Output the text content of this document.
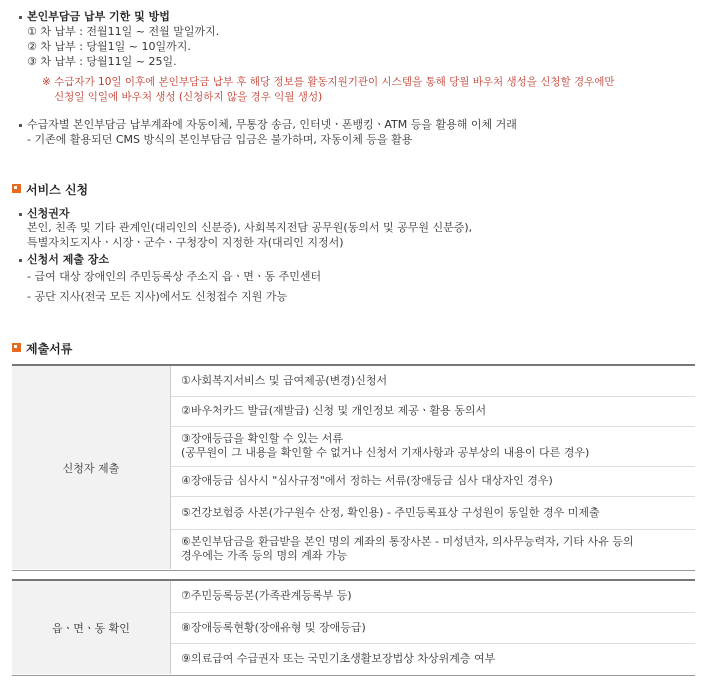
본인부담금 납부 기한 및 방법
① 차 납부 : 전월11일 ~ 전월 말일까지.
② 차 납부 : 당월1일 ~ 10일까지.
③ 차 납부 : 당월11일 ~ 25일.
※ 수급자가 10일 이후에 본인부담금 납부 후 해당 정보를 활동지원기관이 시스템을 통해 당월 바우처 생성을 신청할 경우에만
신청일 익일에 바우처 생성 (신청하지 않을 경우 익월 생성)
수급자별 본인부담금 납부계좌에 자동이체, 무통장 송금, 인터넷ㆍ폰뱅킹ㆍATM 등을 활용해 이체 거래
- 기존에 활용되던 CMS 방식의 본인부담금 입금은 불가하며, 자동이체 등을 활용
서비스 신청
신청권자
본인, 친족 및 기타 관계인(대리인의 신분증), 사회복지전담 공무원(동의서 및 공무원 신분증),
특별자치도지사ㆍ시장ㆍ군수ㆍ구청장이 지정한 자(대리인 지정서)
신청서 제출 장소
- 급여 대상 장애인의 주민등록상 주소지 읍ㆍ면ㆍ동 주민센터
- 공단 지사(전국 모든 지사)에서도 신청접수 지원 가능
제출서류
신청자 제출	①사회복지서비스 및 급여제공(변경)신청서
②바우처카드 발급(재발급) 신청 및 개인정보 제공ㆍ활용 동의서

③장애등급을 확인할 수 있는 서류
(공무원이 그 내용을 확인할 수 없거나 신청서 기재사항과 공부상의 내용이 다른 경우)

④장애등급 심사시 "심사규정"에서 정하는 서류(장애등급 심사 대상자인 경우)
⑤건강보험증 사본(가구원수 산정, 확인용) - 주민등록표상 구성원이 동일한 경우 미제출

⑥본인부담금을 환급받을 본인 명의 계좌의 통장사본 - 미성년자, 의사무능력자, 기타 사유 등의
경우에는 가족 등의 명의 계좌 가능
읍ㆍ면ㆍ동 확인	⑦주민등록등본(가족관계등록부 등)
⑧장애등록현황(장애유형 및 장애등급)
⑨의료급여 수급권자 또는 국민기초생활보장법상 차상위계층 여부
